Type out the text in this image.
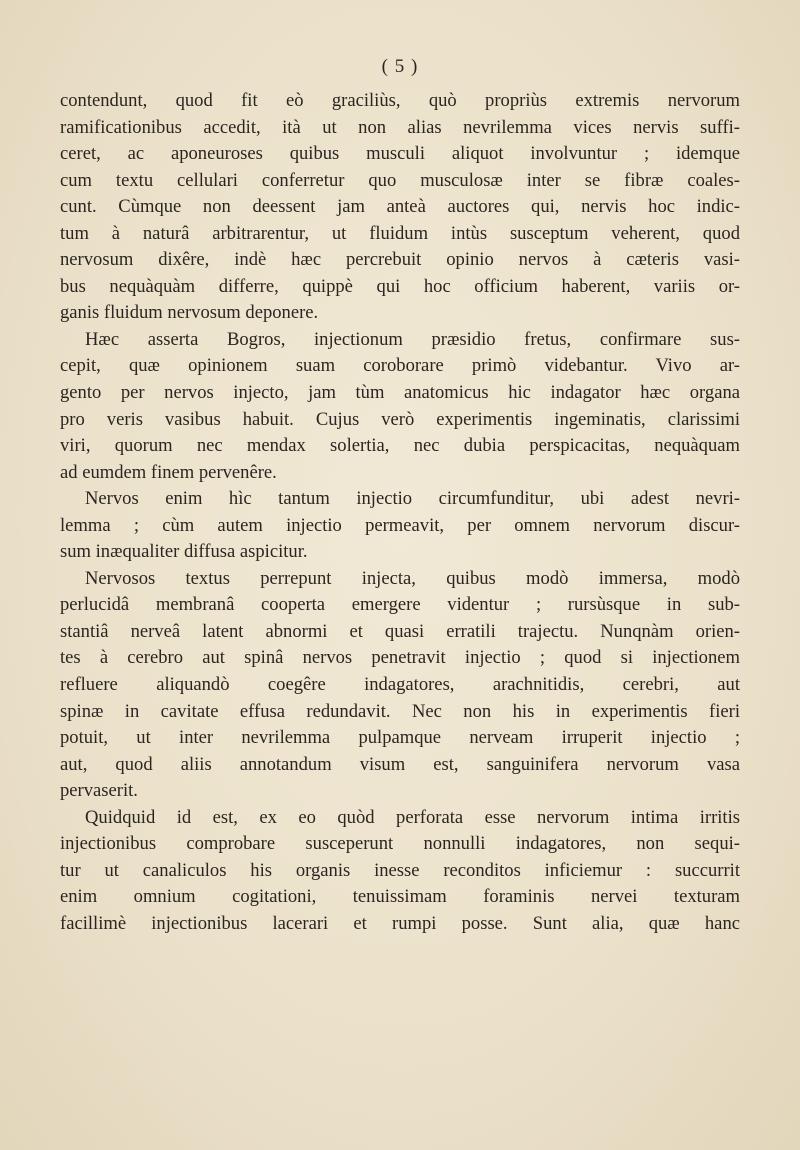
( 5 )
contendunt, quod fit eò graciliùs, quò propriùs extremis nervorum
ramificationibus accedit, ità ut non alias nevrilemma vices nervis suffi-
ceret, ac aponeuroses quibus musculi aliquot involvuntur ; idemque
cum textu cellulari conferretur quo musculosæ inter se fibræ coales-
cunt. Cùmque non deessent jam anteà auctores qui, nervis hoc indic-
tum à naturâ arbitrarentur, ut fluidum intùs susceptum veherent, quod
nervosum dixêre, indè hæc percrebuit opinio nervos à cæteris vasi-
bus nequàquàm differre, quippè qui hoc officium haberent, variis or-
ganis fluidum nervosum deponere.
Hæc asserta Bogros, injectionum præsidio fretus, confirmare sus-
cepit, quæ opinionem suam coroborare primò videbantur. Vivo ar-
gento per nervos injecto, jam tùm anatomicus hic indagator hæc organa
pro veris vasibus habuit. Cujus verò experimentis ingeminatis, clarissimi
viri, quorum nec mendax solertia, nec dubia perspicacitas, nequàquam
ad eumdem finem pervenêre.
Nervos enim hìc tantum injectio circumfunditur, ubi adest nevri-
lemma ; cùm autem injectio permeavit, per omnem nervorum discur-
sum inæqualiter diffusa aspicitur.
Nervosos textus perrepunt injecta, quibus modò immersa, modò
perlucidâ membranâ cooperta emergere videntur ; rursùsque in sub-
stantiâ nerveâ latent abnormi et quasi erratili trajectu. Nunqnàm orien-
tes à cerebro aut spinâ nervos penetravit injectio ; quod si injectionem
refluere aliquandò coegêre indagatores, arachnitidis, cerebri, aut
spinæ in cavitate effusa redundavit. Nec non his in experimentis fieri
potuit, ut inter nevrilemma pulpamque nerveam irruperit injectio ;
aut, quod aliis annotandum visum est, sanguinifera nervorum vasa
pervaserit.
Quidquid id est, ex eo quòd perforata esse nervorum intima irritis
injectionibus comprobare susceperunt nonnulli indagatores, non sequi-
tur ut canaliculos his organis inesse reconditos inficiemur : succurrit
enim omnium cogitationi, tenuissimam foraminis nervei texturam
facillimè injectionibus lacerari et rumpi posse. Sunt alia, quæ hanc
